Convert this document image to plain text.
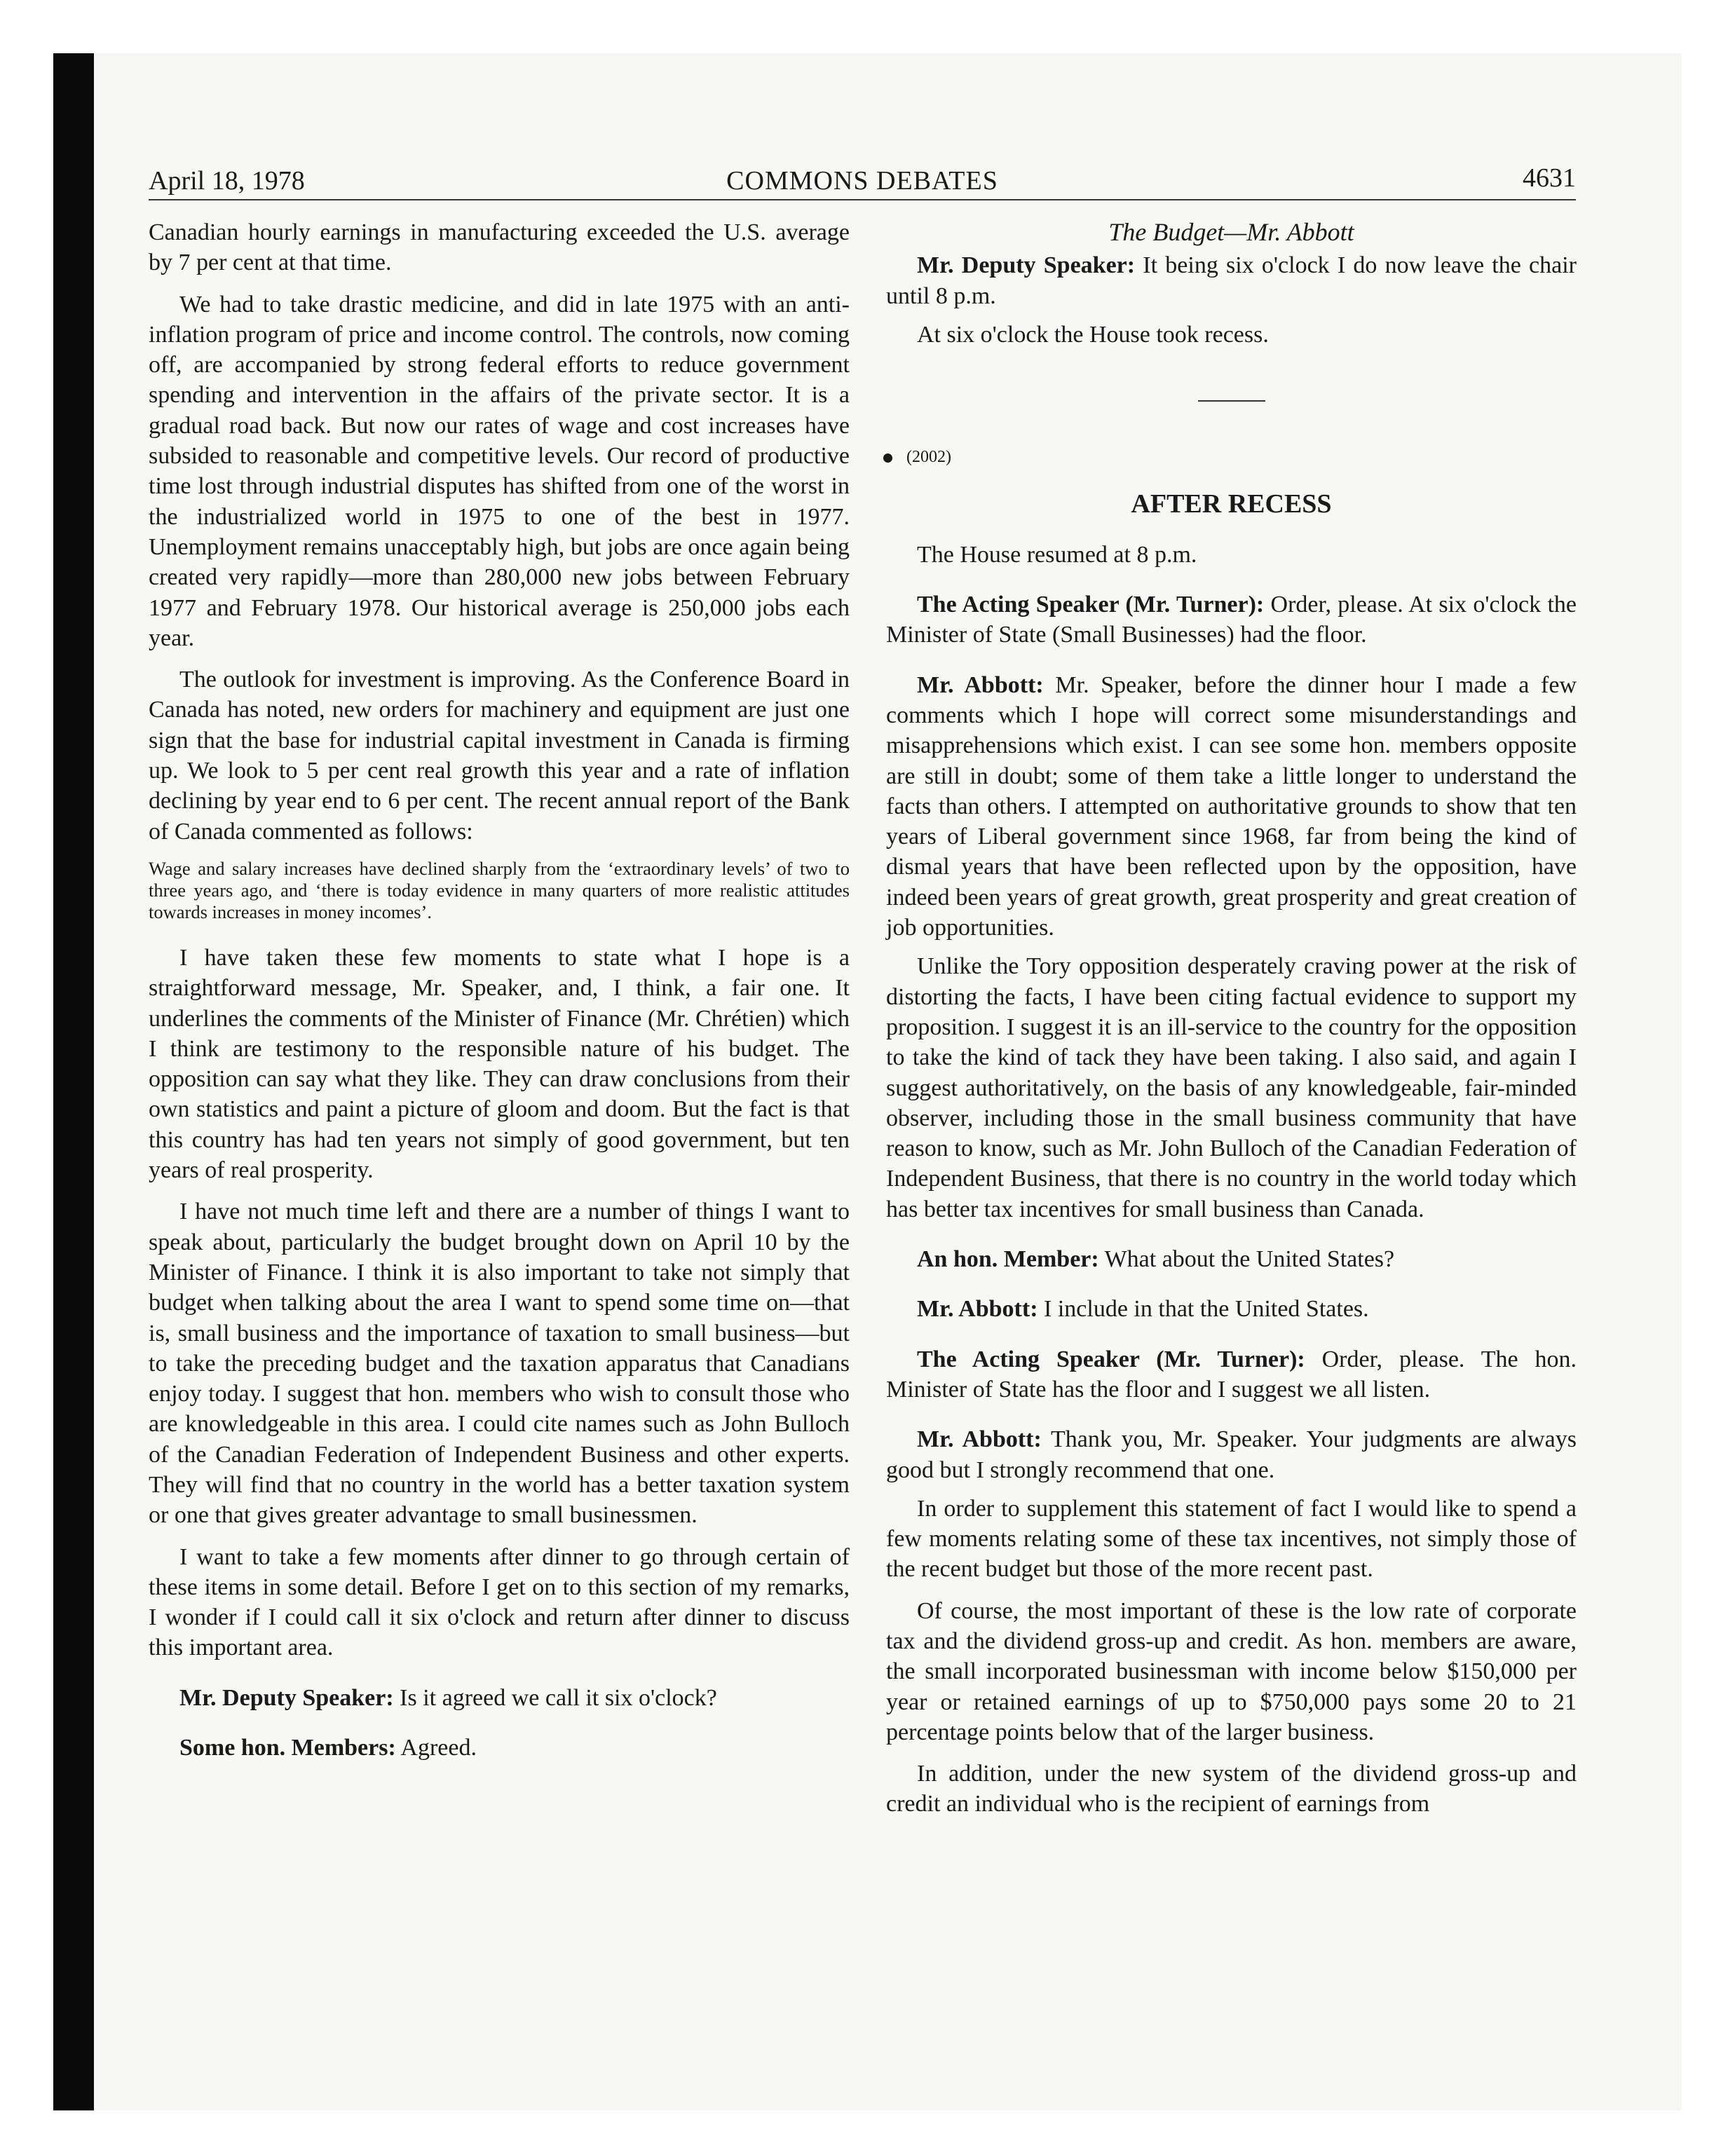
April 18, 1978	COMMONS DEBATES	4631

Canadian hourly earnings in manufacturing exceeded the U.S. average by 7 per cent at that time.

We had to take drastic medicine, and did in late 1975 with an anti-inflation program of price and income control. The controls, now coming off, are accompanied by strong federal efforts to reduce government spending and intervention in the affairs of the private sector. It is a gradual road back. But now our rates of wage and cost increases have subsided to reasonable and competitive levels. Our record of productive time lost through industrial disputes has shifted from one of the worst in the industrialized world in 1975 to one of the best in 1977. Unemployment remains unacceptably high, but jobs are once again being created very rapidly—more than 280,000 new jobs between February 1977 and February 1978. Our historical average is 250,000 jobs each year.

The outlook for investment is improving. As the Conference Board in Canada has noted, new orders for machinery and equipment are just one sign that the base for industrial capital investment in Canada is firming up. We look to 5 per cent real growth this year and a rate of inflation declining by year end to 6 per cent. The recent annual report of the Bank of Canada commented as follows:

Wage and salary increases have declined sharply from the ‘extraordinary levels’ of two to three years ago, and ‘there is today evidence in many quarters of more realistic attitudes towards increases in money incomes’.

I have taken these few moments to state what I hope is a straightforward message, Mr. Speaker, and, I think, a fair one. It underlines the comments of the Minister of Finance (Mr. Chrétien) which I think are testimony to the responsible nature of his budget. The opposition can say what they like. They can draw conclusions from their own statistics and paint a picture of gloom and doom. But the fact is that this country has had ten years not simply of good government, but ten years of real prosperity.

I have not much time left and there are a number of things I want to speak about, particularly the budget brought down on April 10 by the Minister of Finance. I think it is also important to take not simply that budget when talking about the area I want to spend some time on—that is, small business and the importance of taxation to small business—but to take the preceding budget and the taxation apparatus that Canadians enjoy today. I suggest that hon. members who wish to consult those who are knowledgeable in this area. I could cite names such as John Bulloch of the Canadian Federation of Independent Business and other experts. They will find that no country in the world has a better taxation system or one that gives greater advantage to small businessmen.

I want to take a few moments after dinner to go through certain of these items in some detail. Before I get on to this section of my remarks, I wonder if I could call it six o'clock and return after dinner to discuss this important area.

Mr. Deputy Speaker: Is it agreed we call it six o'clock?

Some hon. Members: Agreed.

The Budget—Mr. Abbott

Mr. Deputy Speaker: It being six o'clock I do now leave the chair until 8 p.m.

At six o'clock the House took recess.

(2002)

AFTER RECESS

The House resumed at 8 p.m.

The Acting Speaker (Mr. Turner): Order, please. At six o'clock the Minister of State (Small Businesses) had the floor.

Mr. Abbott: Mr. Speaker, before the dinner hour I made a few comments which I hope will correct some misunderstandings and misapprehensions which exist. I can see some hon. members opposite are still in doubt; some of them take a little longer to understand the facts than others. I attempted on authoritative grounds to show that ten years of Liberal government since 1968, far from being the kind of dismal years that have been reflected upon by the opposition, have indeed been years of great growth, great prosperity and great creation of job opportunities.

Unlike the Tory opposition desperately craving power at the risk of distorting the facts, I have been citing factual evidence to support my proposition. I suggest it is an ill-service to the country for the opposition to take the kind of tack they have been taking. I also said, and again I suggest authoritatively, on the basis of any knowledgeable, fair-minded observer, including those in the small business community that have reason to know, such as Mr. John Bulloch of the Canadian Federation of Independent Business, that there is no country in the world today which has better tax incentives for small business than Canada.

An hon. Member: What about the United States?

Mr. Abbott: I include in that the United States.

The Acting Speaker (Mr. Turner): Order, please. The hon. Minister of State has the floor and I suggest we all listen.

Mr. Abbott: Thank you, Mr. Speaker. Your judgments are always good but I strongly recommend that one.

In order to supplement this statement of fact I would like to spend a few moments relating some of these tax incentives, not simply those of the recent budget but those of the more recent past.

Of course, the most important of these is the low rate of corporate tax and the dividend gross-up and credit. As hon. members are aware, the small incorporated businessman with income below $150,000 per year or retained earnings of up to $750,000 pays some 20 to 21 percentage points below that of the larger business.

In addition, under the new system of the dividend gross-up and credit an individual who is the recipient of earnings from
